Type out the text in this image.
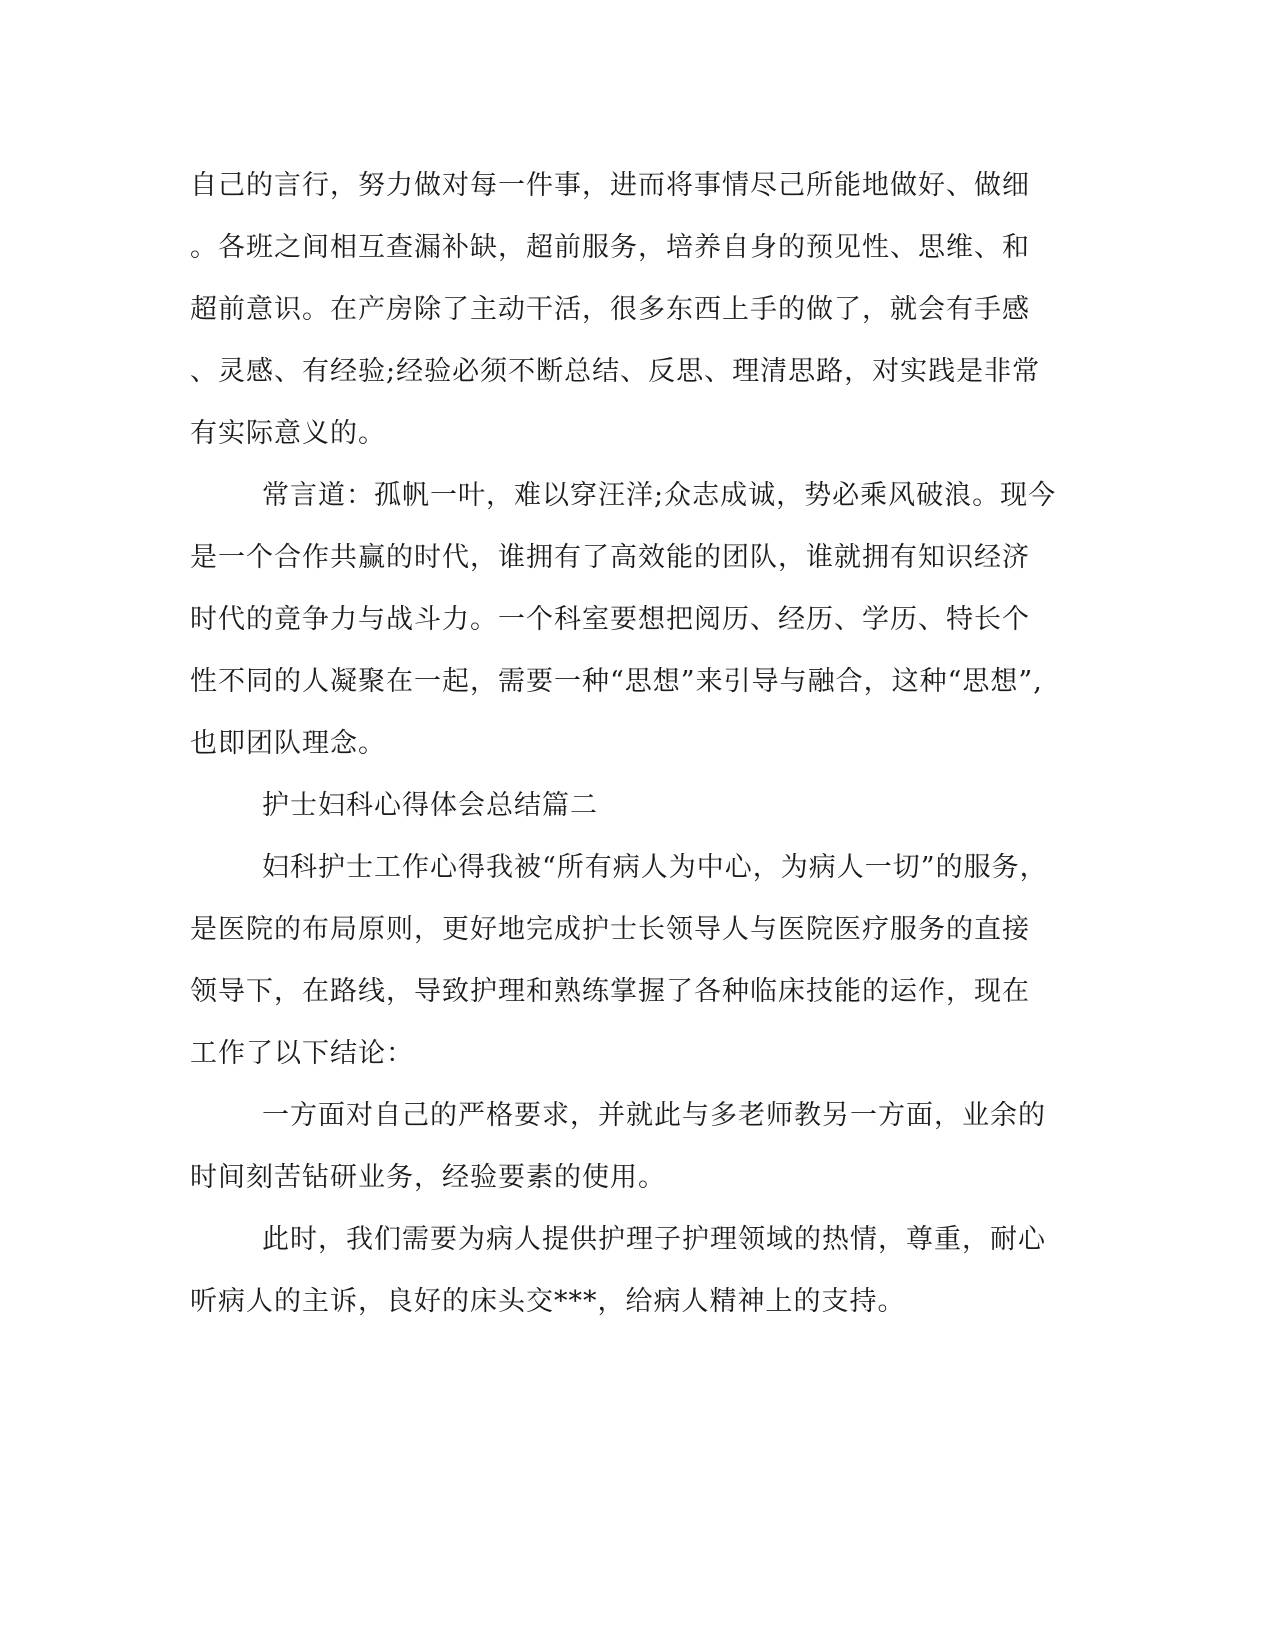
自己的言行，努力做对每一件事，进而将事情尽己所能地做好、做细
。各班之间相互查漏补缺，超前服务，培养自身的预见性、思维、和
超前意识。在产房除了主动干活，很多东西上手的做了，就会有手感
、灵感、有经验;经验必须不断总结、反思、理清思路，对实践是非常
有实际意义的。
常言道：孤帆一叶，难以穿汪洋;众志成诚，势必乘风破浪。现今
是一个合作共赢的时代，谁拥有了高效能的团队，谁就拥有知识经济
时代的竟争力与战斗力。一个科室要想把阅历、经历、学历、特长个
性不同的人凝聚在一起，需要一种“思想”来引导与融合，这种“思想”,
也即团队理念。
护士妇科心得体会总结篇二
妇科护士工作心得我被“所有病人为中心，为病人一切”的服务，
是医院的布局原则，更好地完成护士长领导人与医院医疗服务的直接
领导下，在路线，导致护理和熟练掌握了各种临床技能的运作，现在
工作了以下结论：
一方面对自己的严格要求，并就此与多老师教另一方面，业余的
时间刻苦钻研业务，经验要素的使用。
此时，我们需要为病人提供护理子护理领域的热情，尊重，耐心
听病人的主诉，良好的床头交***，给病人精神上的支持。
